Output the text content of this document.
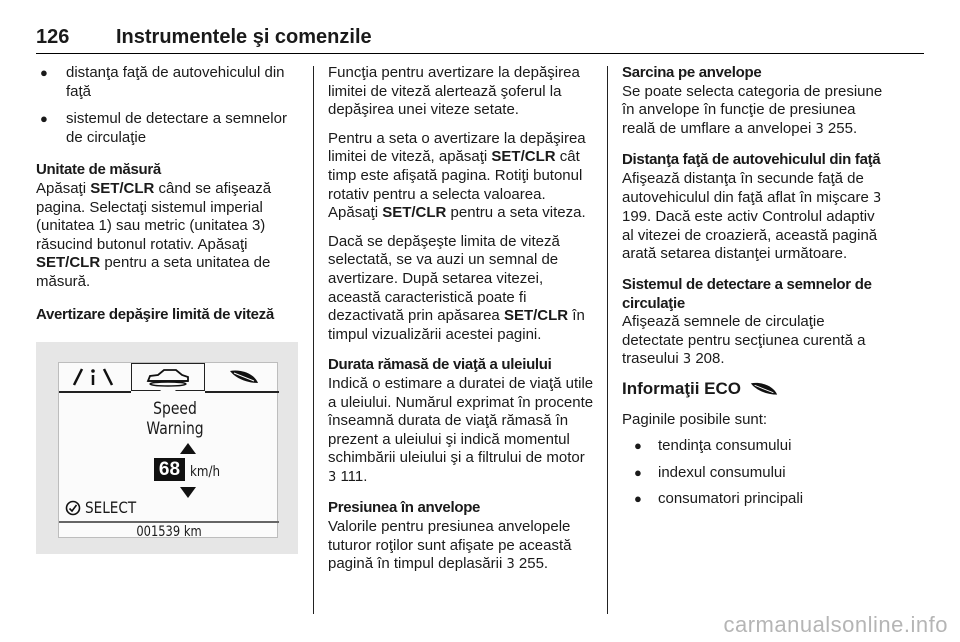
126 Instrumentele şi comenzile
● distanţa faţă de autovehiculul din faţă
● sistemul de detectare a semnelor de circulaţie
Unitate de măsură

Apăsaţi SET/CLR când se afişează pagina. Selectaţi sistemul imperial (unitatea 1) sau metric (unitatea 3) răsucind butonul rotativ. Apăsaţi SET/CLR pentru a seta unitatea de măsură.

Avertizare depăşire limită de viteză
Speed
Warning
68 km/h
SELECT
001539 km

Funcţia pentru avertizare la depăşirea limitei de viteză alertează şoferul la depăşirea unei viteze setate.

Pentru a seta o avertizare la depăşirea limitei de viteză, apăsaţi SET/CLR cât timp este afişată pagina. Rotiţi butonul rotativ pentru a selecta valoarea. Apăsaţi SET/CLR pentru a seta viteza.

Dacă se depăşeşte limita de viteză selectată, se va auzi un semnal de avertizare. După setarea vitezei, această caracteristică poate fi dezactivată prin apăsarea SET/CLR în timpul vizualizării acestei pagini.

Durata rămasă de viaţă a uleiului

Indică o estimare a duratei de viaţă utile a uleiului. Numărul exprimat în procente înseamnă durata de viaţă rămasă în prezent a uleiului şi indică momentul schimbării uleiului şi a filtrului de motor 3 111.

Presiunea în anvelope

Valorile pentru presiunea anvelopele tuturor roţilor sunt afişate pe această pagină în timpul deplasării 3 255.

Sarcina pe anvelope

Se poate selecta categoria de presiune în anvelope în funcţie de presiunea reală de umflare a anvelopei 3 255.

Distanţa faţă de autovehiculul din faţă

Afişează distanţa în secunde faţă de autovehiculul din faţă aflat în mişcare 3 199. Dacă este activ Controlul adaptiv al vitezei de croazieră, această pagină arată setarea distanţei următoare.

Sistemul de detectare a semnelor de circulaţie

Afişează semnele de circulaţie detectate pentru secţiunea curentă a traseului 3 208.

Informaţii ECO

Paginile posibile sunt:

● tendinţa consumului
● indexul consumului
● consumatori principali
carmanualsonline.info
